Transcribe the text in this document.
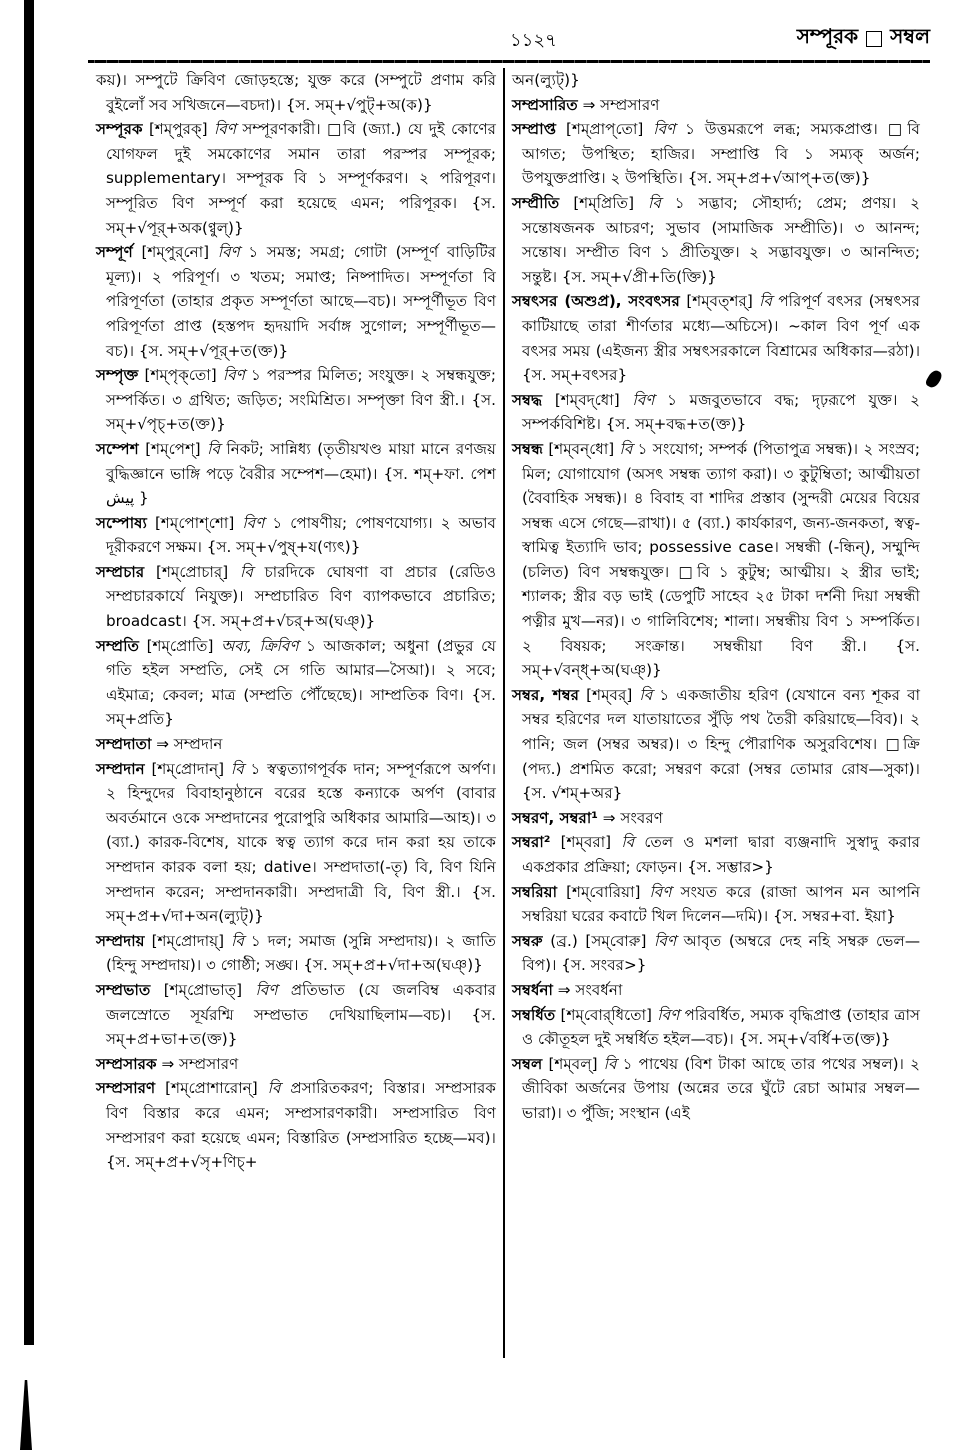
১১২৭	সম্পূরক সম্বল

কয়)। সম্পুটে ক্রিবিণ জোড়হস্তে; যুক্ত করে (সম্পুটে প্রণাম করি বুইলোঁ সব সখিজনে—বচদা)। {স. সম্+√পুট্+অ(ক)}

সম্পূরক [শম্‌পুরক্] বিণ সম্পূরণকারী। □বি (জ্যা.) যে দুই কোণের যোগফল দুই সমকোণের সমান তারা পরস্পর সম্পূরক; supplementary। সম্পূরক বি ১ সম্পূর্ণকরণ। ২ পরিপূরণ। সম্পূরিত বিণ সম্পূর্ণ করা হয়েছে এমন; পরিপূরক। {স. সম্+√পূর্+অক(ণ্বুল্)}

সম্পূর্ণ [শম্‌পুর্‌নো] বিণ ১ সমস্ত; সমগ্র; গোটা (সম্পূর্ণ বাড়িটির মূল্য)। ২ পরিপূর্ণ। ৩ খতম; সমাপ্ত; নিষ্পাদিত। সম্পূর্ণতা বি পরিপূর্ণতা (তাহার প্রকৃত সম্পূর্ণতা আছে—বচ)। সম্পূর্ণীভূত বিণ পরিপূর্ণতা প্রাপ্ত (হস্তপদ হৃদয়াদি সর্বাঙ্গ সুগোল; সম্পূর্ণীভূত—বচ)। {স. সম্+√পূর্+ত(ক্ত)}

সম্পৃক্ত [শম্‌পৃক্‌তো] বিণ ১ পরস্পর মিলিত; সংযুক্ত। ২ সম্বন্ধযুক্ত; সম্পর্কিত। ৩ গ্রথিত; জড়িত; সংমিশ্রিত। সম্পৃক্তা বিণ স্ত্রী.। {স. সম্+√পৃচ্+ত(ক্ত)}

সম্পেশ [শম্‌পেশ্] বি নিকট; সান্নিধ্য (তৃতীয়খণ্ড মায়া মানে রণজয় বুদ্ধিজ্ঞানে ভাঙ্গি পড়ে বৈরীর সম্পেশ—হেমা)। {স. শম্+ফা. পেশ پیش }

সম্পোষ্য [শম্‌পোশ্‌শো] বিণ ১ পোষণীয়; পোষণযোগ্য। ২ অভাব দূরীকরণে সক্ষম। {স. সম্+√পুষ্+য(ণ্যৎ)}

সম্প্রচার [শম্‌প্রোচার্] বি চারদিকে ঘোষণা বা প্রচার (রেডিও সম্প্রচারকার্যে নিযুক্ত)। সম্প্রচারিত বিণ ব্যাপকভাবে প্রচারিত; broadcast। {স. সম্+প্র+√চর্+অ(ঘঞ্)}

সম্প্রতি [শম্‌প্রোতি] অব্য, ক্রিবিণ ১ আজকাল; অধুনা (প্রভুর যে গতি হইল সম্প্রতি, সেই সে গতি আমার—সৈআ)। ২ সবে; এইমাত্র; কেবল; মাত্র (সম্প্রতি পৌঁছেছে)। সাম্প্রতিক বিণ। {স. সম্+প্রতি}

সম্প্রদাতা ⇒ সম্প্রদান

সম্প্রদান [শম্‌প্রোদান্] বি ১ স্বত্বত্যাগপূর্বক দান; সম্পূর্ণরূপে অর্পণ। ২ হিন্দুদের বিবাহানুষ্ঠানে বরের হস্তে কন্যাকে অর্পণ (বাবার অবর্তমানে ওকে সম্প্রদানের পুরোপুরি অধিকার আমারি—আহ)। ৩ (ব্যা.) কারক-বিশেষ, যাকে স্বত্ব ত্যাগ করে দান করা হয় তাকে সম্প্রদান কারক বলা হয়; dative। সম্প্রদাতা(-তৃ) বি, বিণ যিনি সম্প্রদান করেন; সম্প্রদানকারী। সম্প্রদাত্রী বি, বিণ স্ত্রী.। {স. সম্+প্র+√দা+অন(ল্যুট্)}

সম্প্রদায় [শম্‌প্রোদায়্] বি ১ দল; সমাজ (সুন্নি সম্প্রদায়)। ২ জাতি (হিন্দু সম্প্রদায়)। ৩ গোষ্ঠী; সঙ্ঘ। {স. সম্+প্র+√দা+অ(ঘঞ্)}

সম্প্রভাত [শম্‌প্রোভাত্] বিণ প্রতিভাত (যে জলবিম্ব একবার জলস্রোতে সূর্যরশ্মি সম্প্রভাত দেখিয়াছিলাম—বচ)। {স. সম্+প্র+ভা+ত(ক্ত)}

সম্প্রসারক ⇒ সম্প্রসারণ

সম্প্রসারণ [শম্‌প্রোশারোন্] বি প্রসারিতকরণ; বিস্তার। সম্প্রসারক বিণ বিস্তার করে এমন; সম্প্রসারণকারী। সম্প্রসারিত বিণ সম্প্রসারণ করা হয়েছে এমন; বিস্তারিত (সম্প্রসারিত হচ্ছে—মব)। {স. সম্+প্র+√সৃ+ণিচ্+

অন(ল্যুট্)}

সম্প্রসারিত ⇒ সম্প্রসারণ

সম্প্রাপ্ত [শম্‌প্রাপ্‌তো] বিণ ১ উত্তমরূপে লব্ধ; সম্যকপ্রাপ্ত। □বি আগত; উপস্থিত; হাজির। সম্প্রাপ্তি বি ১ সম্যক্ অর্জন; উপযুক্তপ্রাপ্তি। ২ উপস্থিতি। {স. সম্+প্র+√আপ্+ত(ক্ত)}

সম্প্রীতি [শম্‌প্রিতি] বি ১ সদ্ভাব; সৌহার্দ্য; প্রেম; প্রণয়। ২ সন্তোষজনক আচরণ; সুভাব (সামাজিক সম্প্রীতি)। ৩ আনন্দ; সন্তোষ। সম্প্রীত বিণ ১ প্রীতিযুক্ত। ২ সদ্ভাবযুক্ত। ৩ আনন্দিত; সন্তুষ্ট। {স. সম্+√প্রী+তি(ক্তি)}

সম্বৎসর (অশুপ্র), সংবৎসর [শম্‌বত্‌শর্] বি পরিপূর্ণ বৎসর (সম্বৎসর কাটিয়াছে তারা শীর্ণতার মধ্যে—অচিসে)। ~কাল বিণ পূর্ণ এক বৎসর সময় (এইজন্য স্ত্রীর সম্বৎসরকালে বিশ্রামের অধিকার—রঠা)। {স. সম্+বৎসর}

সম্বদ্ধ [শম্‌বদ্‌ধো] বিণ ১ মজবুতভাবে বদ্ধ; দৃঢ়রূপে যুক্ত। ২ সম্পর্কবিশিষ্ট। {স. সম্+বদ্ধ+ত(ক্ত)}

সম্বন্ধ [শম্‌বন্‌ধো] বি ১ সংযোগ; সম্পর্ক (পিতাপুত্র সম্বন্ধ)। ২ সংস্রব; মিল; যোগাযোগ (অসৎ সম্বন্ধ ত্যাগ করা)। ৩ কুটুম্বিতা; আত্মীয়তা (বৈবাহিক সম্বন্ধ)। ৪ বিবাহ বা শাদির প্রস্তাব (সুন্দরী মেয়ের বিয়ের সম্বন্ধ এসে গেছে—রাখা)। ৫ (ব্যা.) কার্যকারণ, জন্য-জনকতা, স্বত্ব-স্বামিত্ব ইত্যাদি ভাব; possessive case। সম্বন্ধী (-ন্ধিন্), সম্মুন্দি (চলিত) বিণ সম্বন্ধযুক্ত। □বি ১ কুটুম্ব; আত্মীয়। ২ স্ত্রীর ভাই; শ্যালক; স্ত্রীর বড় ভাই (ডেপুটি সাহেব ২৫ টাকা দর্শনী দিয়া সম্বন্ধী পত্নীর মুখ—নর)। ৩ গালিবিশেষ; শালা। সম্বন্ধীয় বিণ ১ সম্পর্কিত। ২ বিষয়ক; সংক্রান্ত। সম্বন্ধীয়া বিণ স্ত্রী.। {স. সম্+√বন্ধ্+অ(ঘঞ্)}

সম্বর, শম্বর [শম্‌বর্] বি ১ একজাতীয় হরিণ (যেখানে বন্য শূকর বা সম্বর হরিণের দল যাতায়াতের সুঁড়ি পথ তৈরী করিয়াছে—বিব)। ২ পানি; জল (সম্বর অম্বর)। ৩ হিন্দু পৌরাণিক অসুরবিশেষ। □ক্রি (পদ্য.) প্রশমিত করো; সম্বরণ করো (সম্বর তোমার রোষ—সুকা)। {স. √শম্+অর}

সম্বরণ, সম্বরা¹ ⇒ সংবরণ

সম্বরা² [শম্‌বরা] বি তেল ও মশলা দ্বারা ব্যঞ্জনাদি সুস্বাদু করার একপ্রকার প্রক্রিয়া; ফোড়ন। {স. সম্ভার>}

সম্বরিয়া [শম্‌বোরিয়া] বিণ সংযত করে (রাজা আপন মন আপনি সম্বরিয়া ঘরের কবাটে খিল দিলেন—দমি)। {স. সম্বর+বা. ইয়া}

সম্বরু (ব্র.) [সম্‌বোরু] বিণ আবৃত (অম্বরে দেহ নহি সম্বরু ভেল—বিপ)। {স. সংবর>}

সম্বর্ধনা ⇒ সংবর্ধনা

সম্বর্ধিত [শম্‌বোর্‌ধিতো] বিণ পরিবর্ধিত, সম্যক বৃদ্ধিপ্রাপ্ত (তাহার ত্রাস ও কৌতূহল দুই সম্বর্ধিত হইল—বচ)। {স. সম্+√বর্ধি+ত(ক্ত)}

সম্বল [শম্‌বল্] বি ১ পাথেয় (বিশ টাকা আছে তার পথের সম্বল)। ২ জীবিকা অর্জনের উপায় (অন্নের তরে ঘুঁটে রেচা আমার সম্বল—ভারা)। ৩ পুঁজি; সংস্থান (এই
